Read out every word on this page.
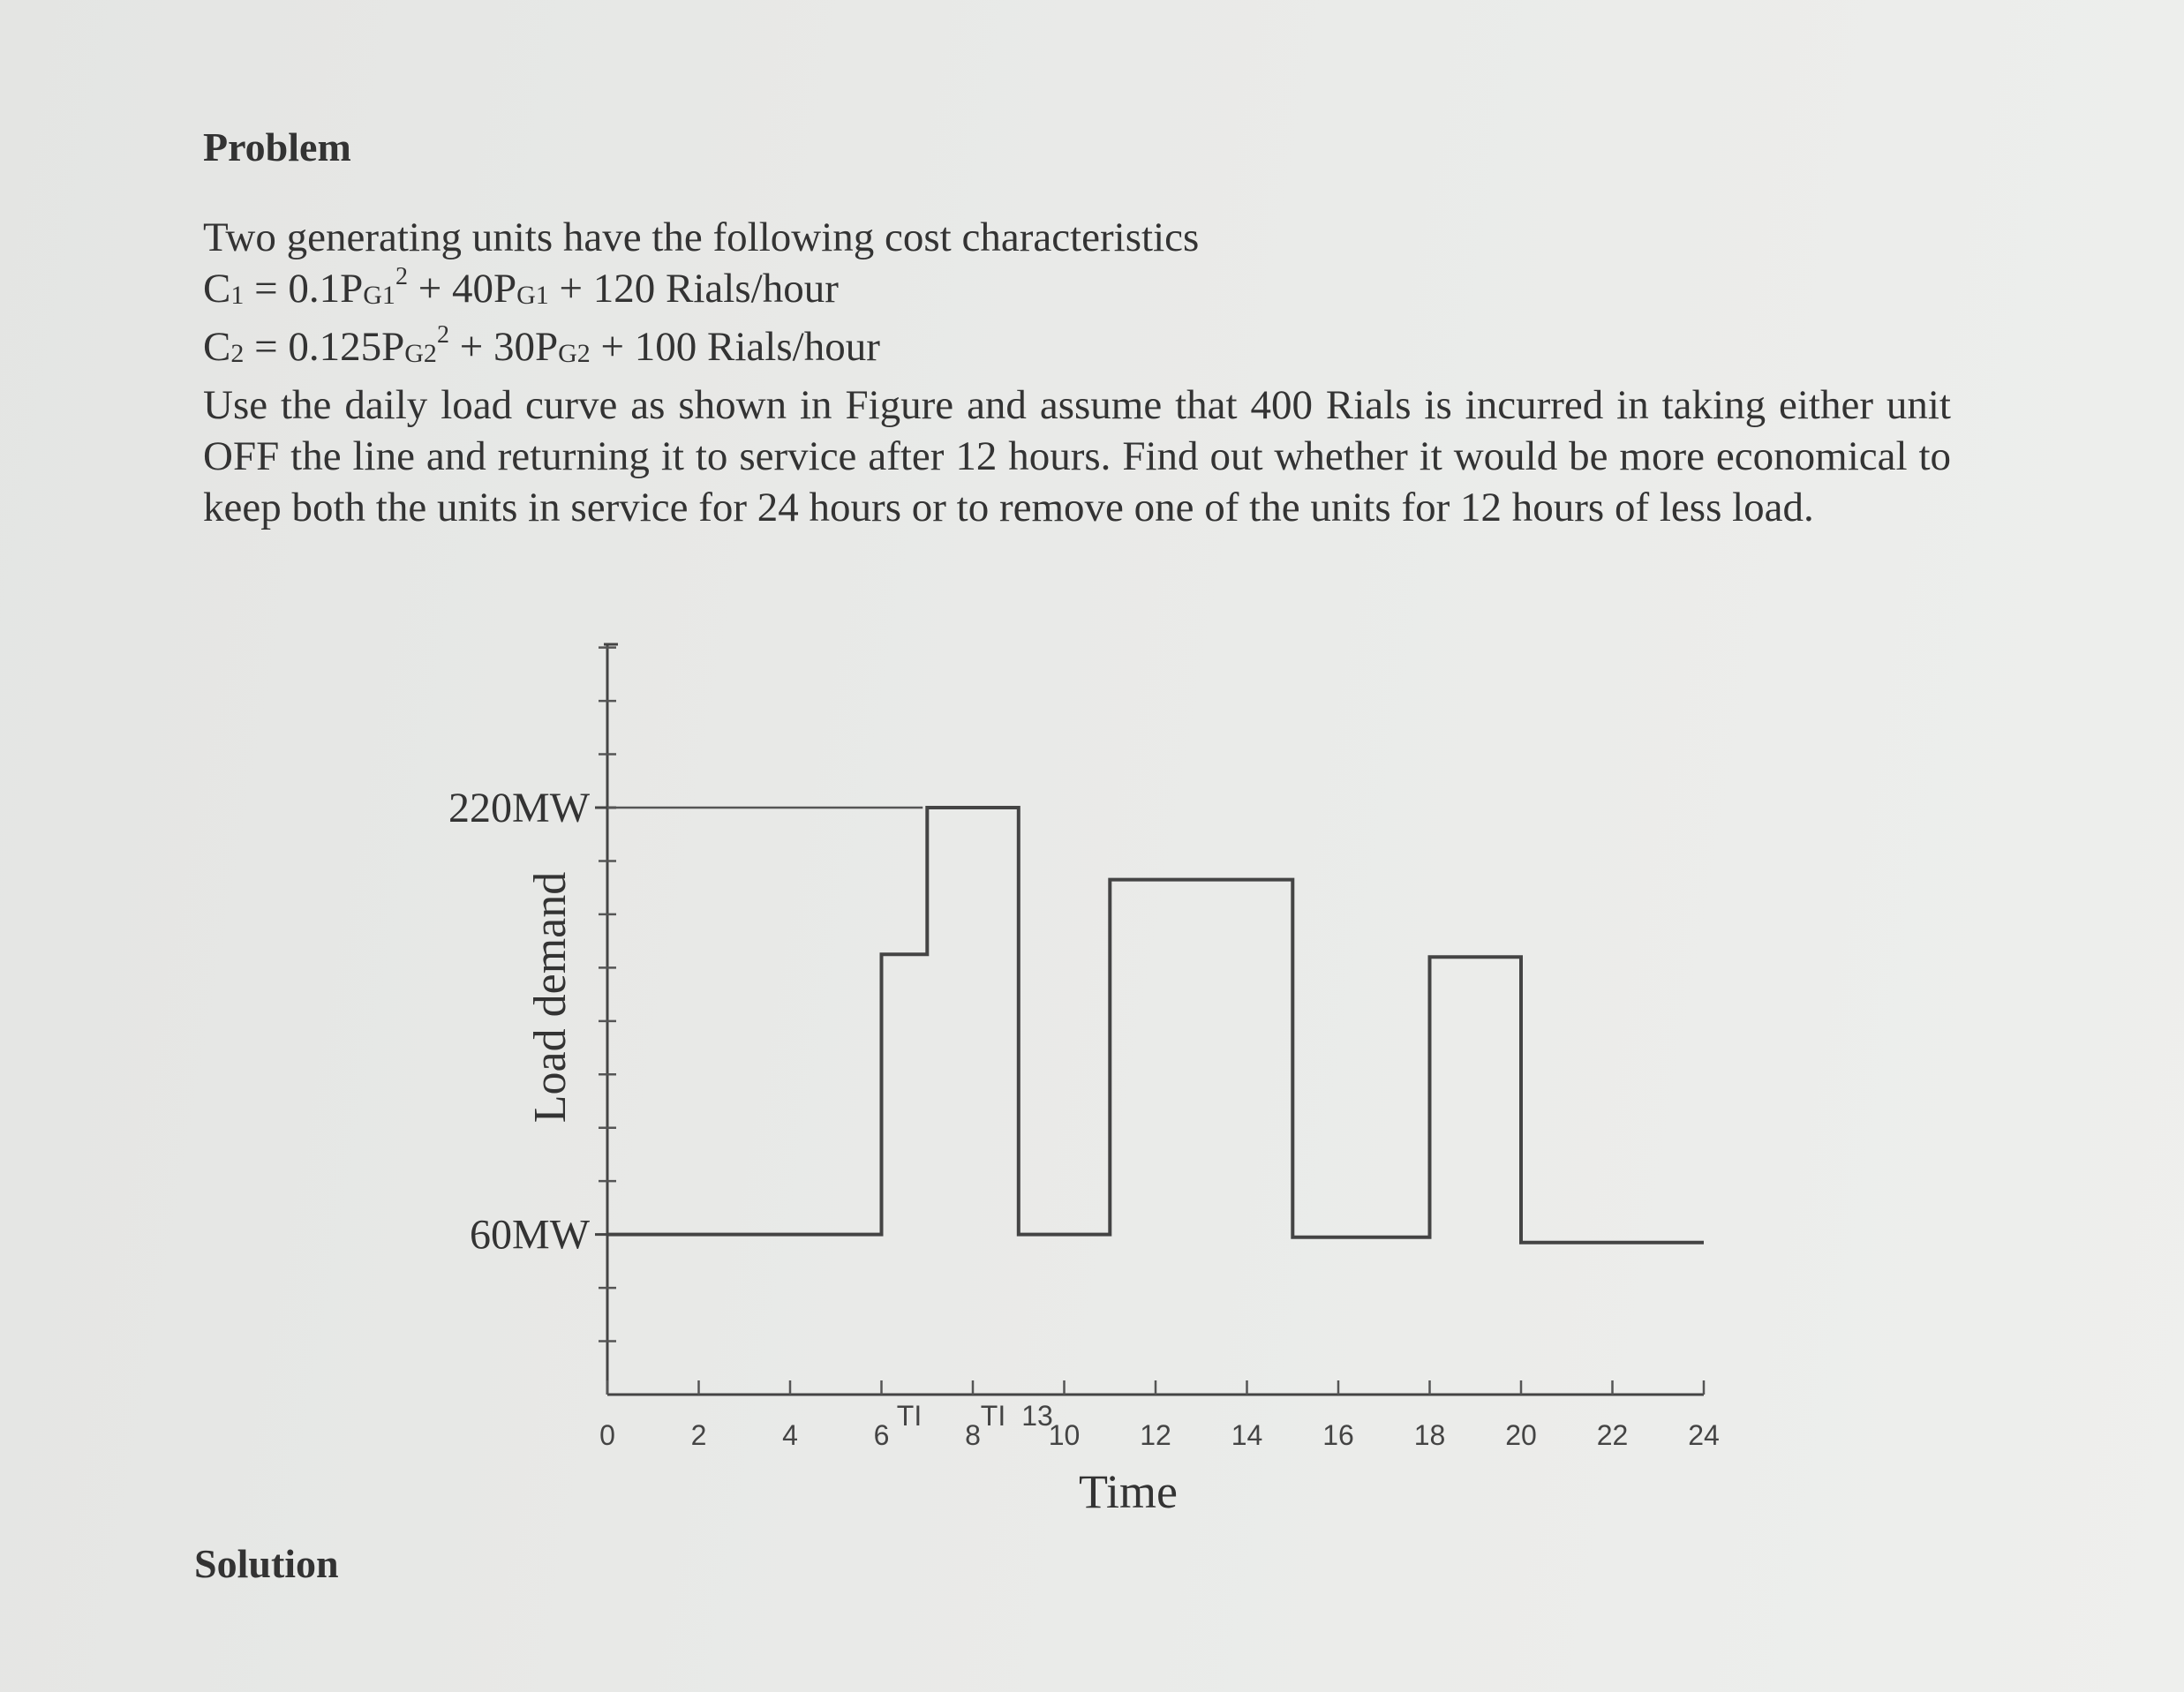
Problem
Two generating units have the following cost characteristics
$C_1 = 0.1P_{G1}^2 + 40P_{G1} + 120$ Rials/hour
$C_2 = 0.125P_{G2}^2 + 30P_{G2} + 100$ Rials/hour
Use the daily load curve as shown in Figure and assume that 400 Rials is incurred in taking either unit OFF the line and returning it to service after 12 hours. Find out whether it would be more economical to keep both the units in service for 24 hours or to remove one of the units for 12 hours of less load.
0	2	4	6	8 10 12 14 16 18 20 22 24
220MW
60MW
Load demand
Time
TI TI 13
Solution
